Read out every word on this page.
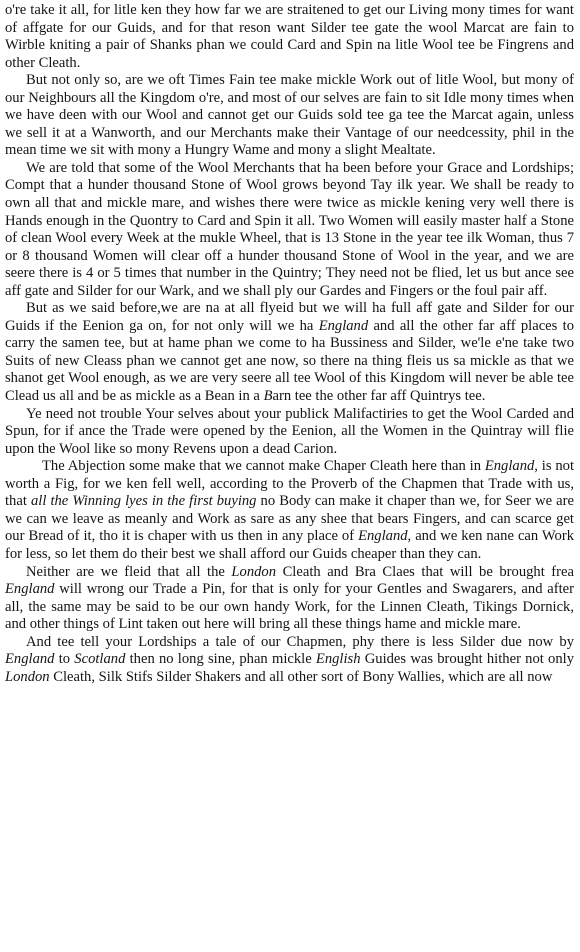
o're take it all, for litle ken they how far we are straitened to get our Living mony times for want of affgate for our Guids, and for that reson want Silder tee gate the wool Marcat are fain to Wirble kniting a pair of Shanks phan we could Card and Spin na litle Wool tee be Fingrens and other Cleath.

But not only so, are we oft Times Fain tee make mickle Work out of litle Wool, but mony of our Neighbours all the Kingdom o're, and most of our selves are fain to sit Idle mony times when we have deen with our Wool and cannot get our Guids sold tee ga tee the Marcat again, unless we sell it at a Wanworth, and our Merchants make their Vantage of our needcessity, phil in the mean time we sit with mony a Hungry Wame and mony a slight Mealtate.

We are told that some of the Wool Merchants that ha been before your Grace and Lordships; Compt that a hunder thousand Stone of Wool grows beyond Tay ilk year. We shall be ready to own all that and mickle mare, and wishes there were twice as mickle kening very well there is Hands enough in the Quontry to Card and Spin it all. Two Women will easily master half a Stone of clean Wool every Week at the mukle Wheel, that is 13 Stone in the year tee ilk Woman, thus 7 or 8 thousand Women will clear off a hunder thousand Stone of Wool in the year, and we are seere there is 4 or 5 times that number in the Quintry; They need not be flied, let us but ance see aff gate and Silder for our Wark, and we shall ply our Gardes and Fingers or the foul pair aff.

But as we said before,we are na at all flyeid but we will ha full aff gate and Silder for our Guids if the Eenion ga on, for not only will we ha England and all the other far aff places to carry the samen tee, but at hame phan we come to ha Bussiness and Silder, we'le e'ne take two Suits of new Cleass phan we cannot get ane now, so there na thing fleis us sa mickle as that we shanot get Wool enough, as we are very seere all tee Wool of this Kingdom will never be able tee Clead us all and be as mickle as a Bean in a Barn tee the other far aff Quintrys tee.

Ye need not trouble Your selves about your publick Malifactiries to get the Wool Carded and Spun, for if ance the Trade were opened by the Eenion, all the Women in the Quintray will flie upon the Wool like so mony Revens upon a dead Carion.

The Abjection some make that we cannot make Chaper Cleath here than in England, is not worth a Fig, for we ken fell well, according to the Proverb of the Chapmen that Trade with us, that all the Winning lyes in the first buying no Body can make it chaper than we, for Seer we are we can we leave as meanly and Work as sare as any shee that bears Fingers, and can scarce get our Bread of it, tho it is chaper with us then in any place of England, and we ken nane can Work for less, so let them do their best we shall afford our Guids cheaper than they can.

Neither are we fleid that all the London Cleath and Bra Claes that will be brought frea England will wrong our Trade a Pin, for that is only for your Gentles and Swagarers, and after all, the same may be said to be our own handy Work, for the Linnen Cleath, Tikings Dornick, and other things of Lint taken out here will bring all these things hame and mickle mare.

And tee tell your Lordships a tale of our Chapmen, phy there is less Silder due now by England to Scotland then no long sine, phan mickle English Guides was brought hither not only London Cleath, Silk Stifs Silder Shakers and all other sort of Bony Wallies, which are all now
